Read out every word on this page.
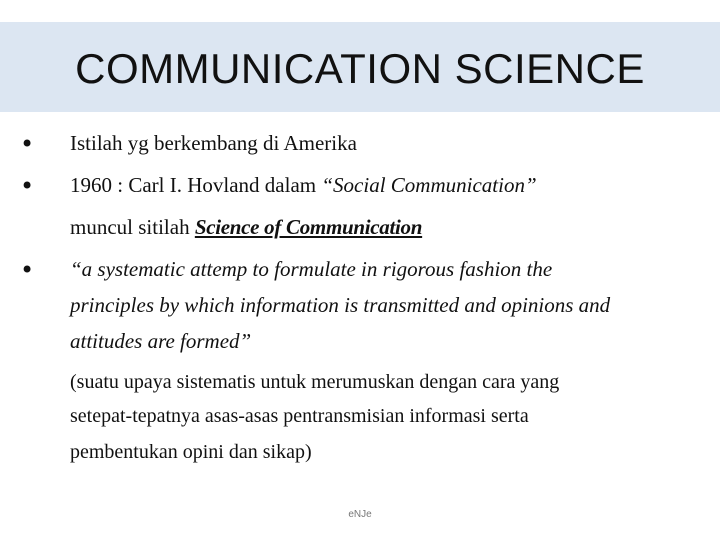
COMMUNICATION SCIENCE
• Istilah yg berkembang di Amerika
• 1960 : Carl I. Hovland dalam “Social Communication”
muncul sitilah Science of Communication
• “a systematic attemp to formulate in rigorous fashion the
principles by which information is transmitted and opinions and
attitudes are formed”
(suatu upaya sistematis untuk merumuskan dengan cara yang
setepat-tepatnya asas-asas pentransmisian informasi serta
pembentukan opini dan sikap)
eNJe
